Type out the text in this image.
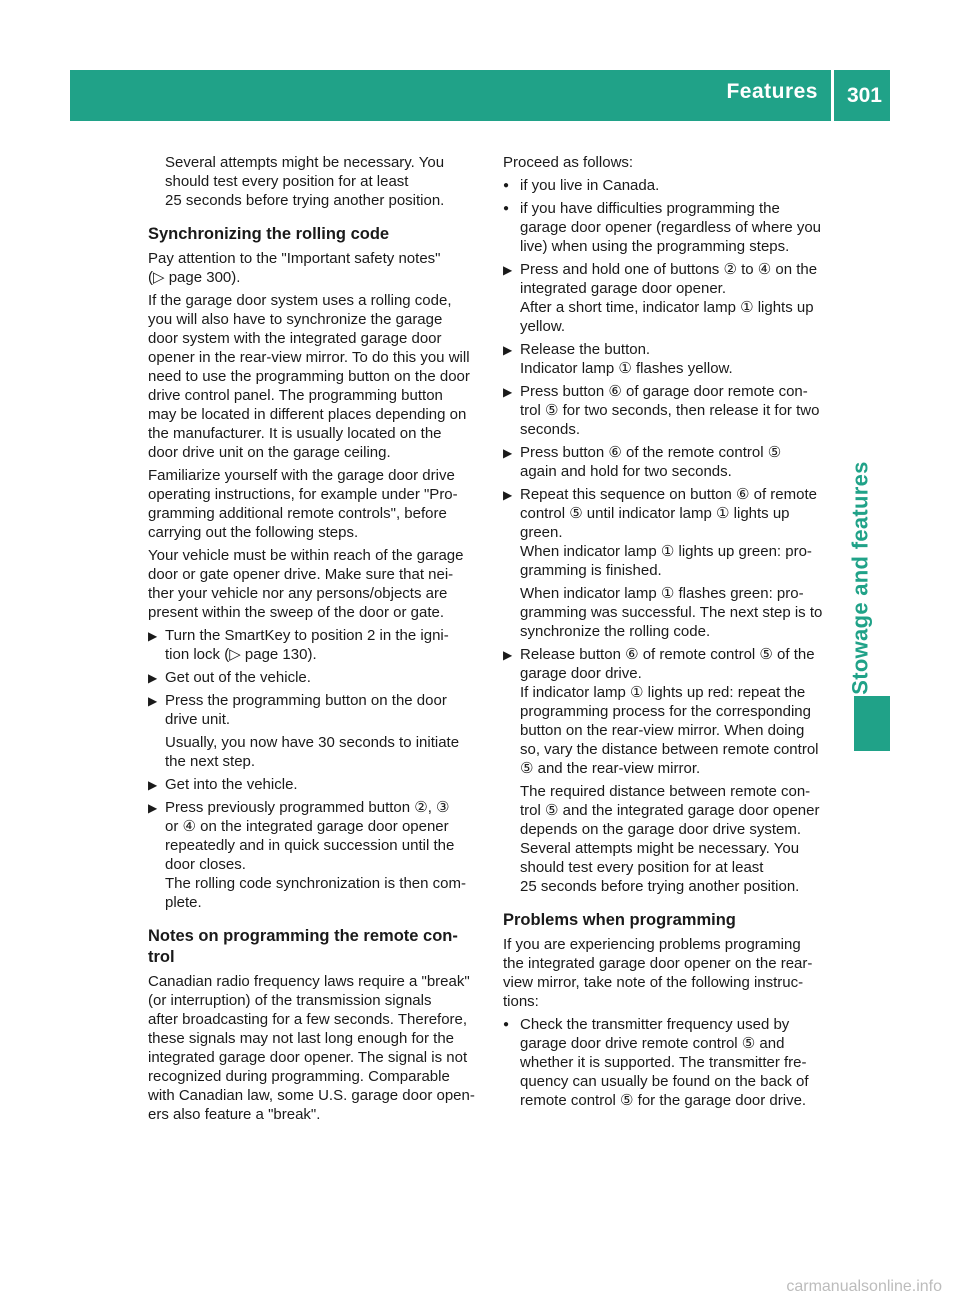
Features 301
Stowage and features
Several attempts might be necessary. You
should test every position for at least
25 seconds before trying another position.
Synchronizing the rolling code
Pay attention to the "Important safety notes"
(▷ page 300).
If the garage door system uses a rolling code,
you will also have to synchronize the garage
door system with the integrated garage door
opener in the rear-view mirror. To do this you will
need to use the programming button on the door
drive control panel. The programming button
may be located in different places depending on
the manufacturer. It is usually located on the
door drive unit on the garage ceiling.
Familiarize yourself with the garage door drive
operating instructions, for example under "Pro-
gramming additional remote controls", before
carrying out the following steps.
Your vehicle must be within reach of the garage
door or gate opener drive. Make sure that nei-
ther your vehicle nor any persons/objects are
present within the sweep of the door or gate.
▶ Turn the SmartKey to position 2 in the igni-
tion lock (▷ page 130).
▶ Get out of the vehicle.
▶ Press the programming button on the door
drive unit.
Usually, you now have 30 seconds to initiate
the next step.
▶ Get into the vehicle.
▶ Press previously programmed button ②, ③
or ④ on the integrated garage door opener
repeatedly and in quick succession until the
door closes.
The rolling code synchronization is then com-
plete.
Notes on programming the remote con-
trol
Canadian radio frequency laws require a "break"
(or interruption) of the transmission signals
after broadcasting for a few seconds. Therefore,
these signals may not last long enough for the
integrated garage door opener. The signal is not
recognized during programming. Comparable
with Canadian law, some U.S. garage door open-
ers also feature a "break".
Proceed as follows:
● if you live in Canada.
● if you have difficulties programming the
garage door opener (regardless of where you
live) when using the programming steps.
▶ Press and hold one of buttons ② to ④ on the
integrated garage door opener.
After a short time, indicator lamp ① lights up
yellow.
▶ Release the button.
Indicator lamp ① flashes yellow.
▶ Press button ⑥ of garage door remote con-
trol ⑤ for two seconds, then release it for two
seconds.
▶ Press button ⑥ of the remote control ⑤
again and hold for two seconds.
▶ Repeat this sequence on button ⑥ of remote
control ⑤ until indicator lamp ① lights up
green.
When indicator lamp ① lights up green: pro-
gramming is finished.
When indicator lamp ① flashes green: pro-
gramming was successful. The next step is to
synchronize the rolling code.
▶ Release button ⑥ of remote control ⑤ of the
garage door drive.
If indicator lamp ① lights up red: repeat the
programming process for the corresponding
button on the rear-view mirror. When doing
so, vary the distance between remote control
⑤ and the rear-view mirror.
The required distance between remote con-
trol ⑤ and the integrated garage door opener
depends on the garage door drive system.
Several attempts might be necessary. You
should test every position for at least
25 seconds before trying another position.
Problems when programming
If you are experiencing problems programing
the integrated garage door opener on the rear-
view mirror, take note of the following instruc-
tions:
● Check the transmitter frequency used by
garage door drive remote control ⑤ and
whether it is supported. The transmitter fre-
quency can usually be found on the back of
remote control ⑤ for the garage door drive.
carmanualsonline.info
